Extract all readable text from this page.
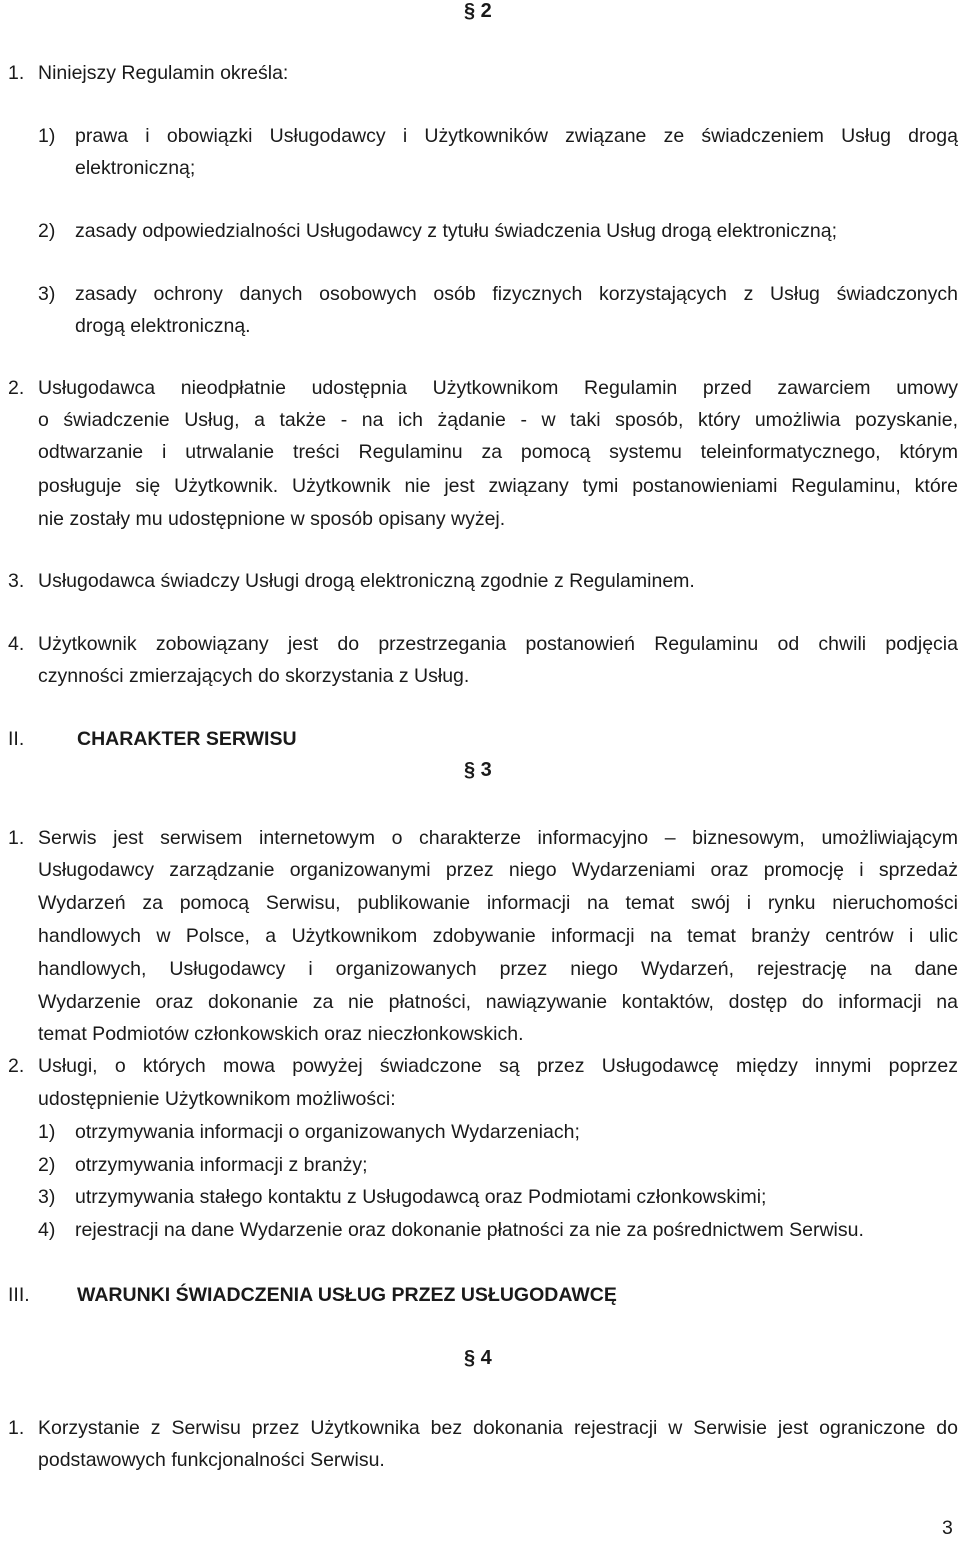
§ 2
1. Niniejszy Regulamin określa:
1) prawa i obowiązki Usługodawcy i Użytkowników związane ze świadczeniem Usług drogą
elektroniczną;
2) zasady odpowiedzialności Usługodawcy z tytułu świadczenia Usług drogą elektroniczną;
3) zasady ochrony danych osobowych osób fizycznych korzystających z Usług świadczonych
drogą elektroniczną.
2. Usługodawca nieodpłatnie udostępnia Użytkownikom Regulamin przed zawarciem umowy
o świadczenie Usług, a także - na ich żądanie - w taki sposób, który umożliwia pozyskanie,
odtwarzanie i utrwalanie treści Regulaminu za pomocą systemu teleinformatycznego, którym
posługuje się Użytkownik. Użytkownik nie jest związany tymi postanowieniami Regulaminu, które
nie zostały mu udostępnione w sposób opisany wyżej.
3. Usługodawca świadczy Usługi drogą elektroniczną zgodnie z Regulaminem.
4. Użytkownik zobowiązany jest do przestrzegania postanowień Regulaminu od chwili podjęcia
czynności zmierzających do skorzystania z Usług.
II.	CHARAKTER SERWISU
§ 3
1. Serwis jest serwisem internetowym o charakterze informacyjno – biznesowym, umożliwiającym
Usługodawcy zarządzanie organizowanymi przez niego Wydarzeniami oraz promocję i sprzedaż
Wydarzeń za pomocą Serwisu, publikowanie informacji na temat swój i rynku nieruchomości
handlowych w Polsce, a Użytkownikom zdobywanie informacji na temat branży centrów i ulic
handlowych, Usługodawcy i organizowanych przez niego Wydarzeń, rejestrację na dane
Wydarzenie oraz dokonanie za nie płatności, nawiązywanie kontaktów, dostęp do informacji na
temat Podmiotów członkowskich oraz nieczłonkowskich.
2. Usługi, o których mowa powyżej świadczone są przez Usługodawcę między innymi poprzez
udostępnienie Użytkownikom możliwości:
1) otrzymywania informacji o organizowanych Wydarzeniach;
2) otrzymywania informacji z branży;
3) utrzymywania stałego kontaktu z Usługodawcą oraz Podmiotami członkowskimi;
4) rejestracji na dane Wydarzenie oraz dokonanie płatności za nie za pośrednictwem Serwisu.
III. WARUNKI ŚWIADCZENIA USŁUG PRZEZ USŁUGODAWCĘ
§ 4
1. Korzystanie z Serwisu przez Użytkownika bez dokonania rejestracji w Serwisie jest ograniczone do
podstawowych funkcjonalności Serwisu.
3
